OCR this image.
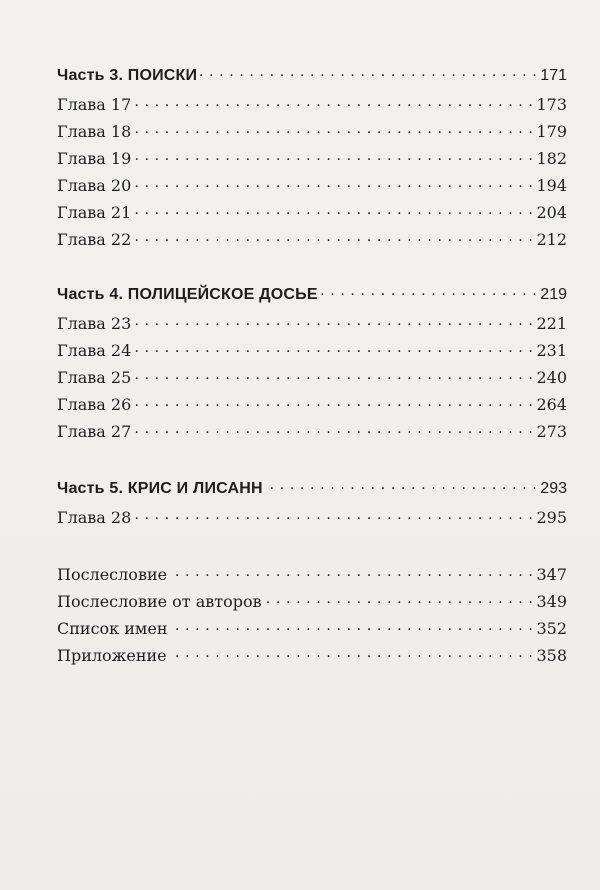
Часть 3. ПОИСКИ . . .	171
Глава 17 . . .	173
Глава 18 . . .	179
Глава 19 . . .	182
Глава 20 . . .	194
Глава 21 . . .	204
Глава 22 . . .	212
Часть 4. ПОЛИЦЕЙСКОЕ ДОСЬЕ . . .	219
Глава 23 . . .	221
Глава 24 . . .	231
Глава 25 . . .	240
Глава 26 . . .	264
Глава 27 . . .	273
Часть 5. КРИС И ЛИСАНН . . .	293
Глава 28 . . .	295
Послесловие . . .	347
Послесловие от авторов . . .	349
Список имен . . .	352
Приложение . . .	358
